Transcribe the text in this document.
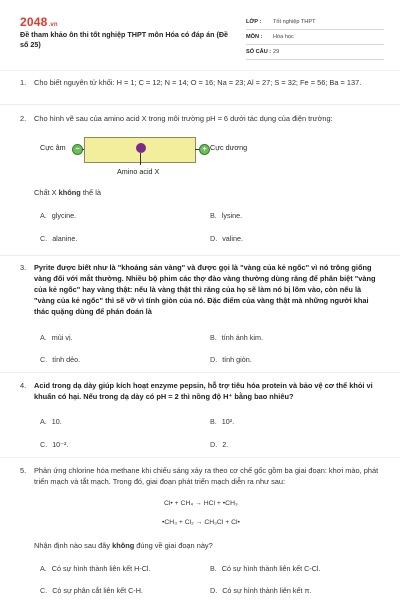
2048.vn
Đề tham khảo ôn thi tốt nghiệp THPT môn Hóa có đáp án (Đề số 25)
LỚP :	Tốt nghiệp THPT
MÔN :	Hóa học
SỐ CÂU : 29
1. Cho biết nguyên tử khối: H = 1; C = 12; N = 14; O = 16; Na = 23; Al = 27; S = 32; Fe = 56; Ba = 137.
2.	Cho hình vẽ sau của amino acid X trong môi trường pH = 6 dưới tác dụng của điện trường:
Cực âm	−	+ Cực dương
Amino acid X
Chất X không thể là
A. glycine.	B. lysine.
C. alanine.	D. valine.
3.	Pyrite được biết như là "khoáng sản vàng" và được gọi là "vàng của kẻ ngốc" vì nó trông giống vàng đối với mắt thường. Nhiều bộ phim các thợ đào vàng thường dùng răng để phân biệt "vàng của kẻ ngốc" hay vàng thật: nếu là vàng thật thì răng của họ sẽ làm nó bị lõm vào, còn nếu là "vàng của kẻ ngốc" thì sẽ vỡ vì tính giòn của nó. Đặc điểm của vàng thật mà những người khai thác quặng dùng để phán đoán là
A. mùi vị.	B. tính ánh kim.
C. tính dẻo.	D. tính giòn.
4.	Acid trong dạ dày giúp kích hoạt enzyme pepsin, hỗ trợ tiêu hóa protein và bảo vệ cơ thể khỏi vi khuẩn có hại. Nếu trong dạ dày có pH = 2 thì nồng độ H⁺ bằng bao nhiêu?
A. 10.	B. 10².
C. 10⁻².	D. 2.
5.	Phản ứng chlorine hóa methane khi chiếu sáng xảy ra theo cơ chế gốc gồm ba giai đoạn: khơi mào, phát triển mạch và tắt mạch. Trong đó, giai đoạn phát triển mạch diễn ra như sau:
Cl• + CH₄ → HCl + •CH₃
•CH₃ + Cl₂ → CH₃Cl + Cl•
Nhận định nào sau đây không đúng về giai đoạn này?
A. Có sự hình thành liên kết H-Cl.	B. Có sự hình thành liên kết C-Cl.
C. Có sự phân cắt liên kết C-H.	D. Có sự hình thành liên kết π.
